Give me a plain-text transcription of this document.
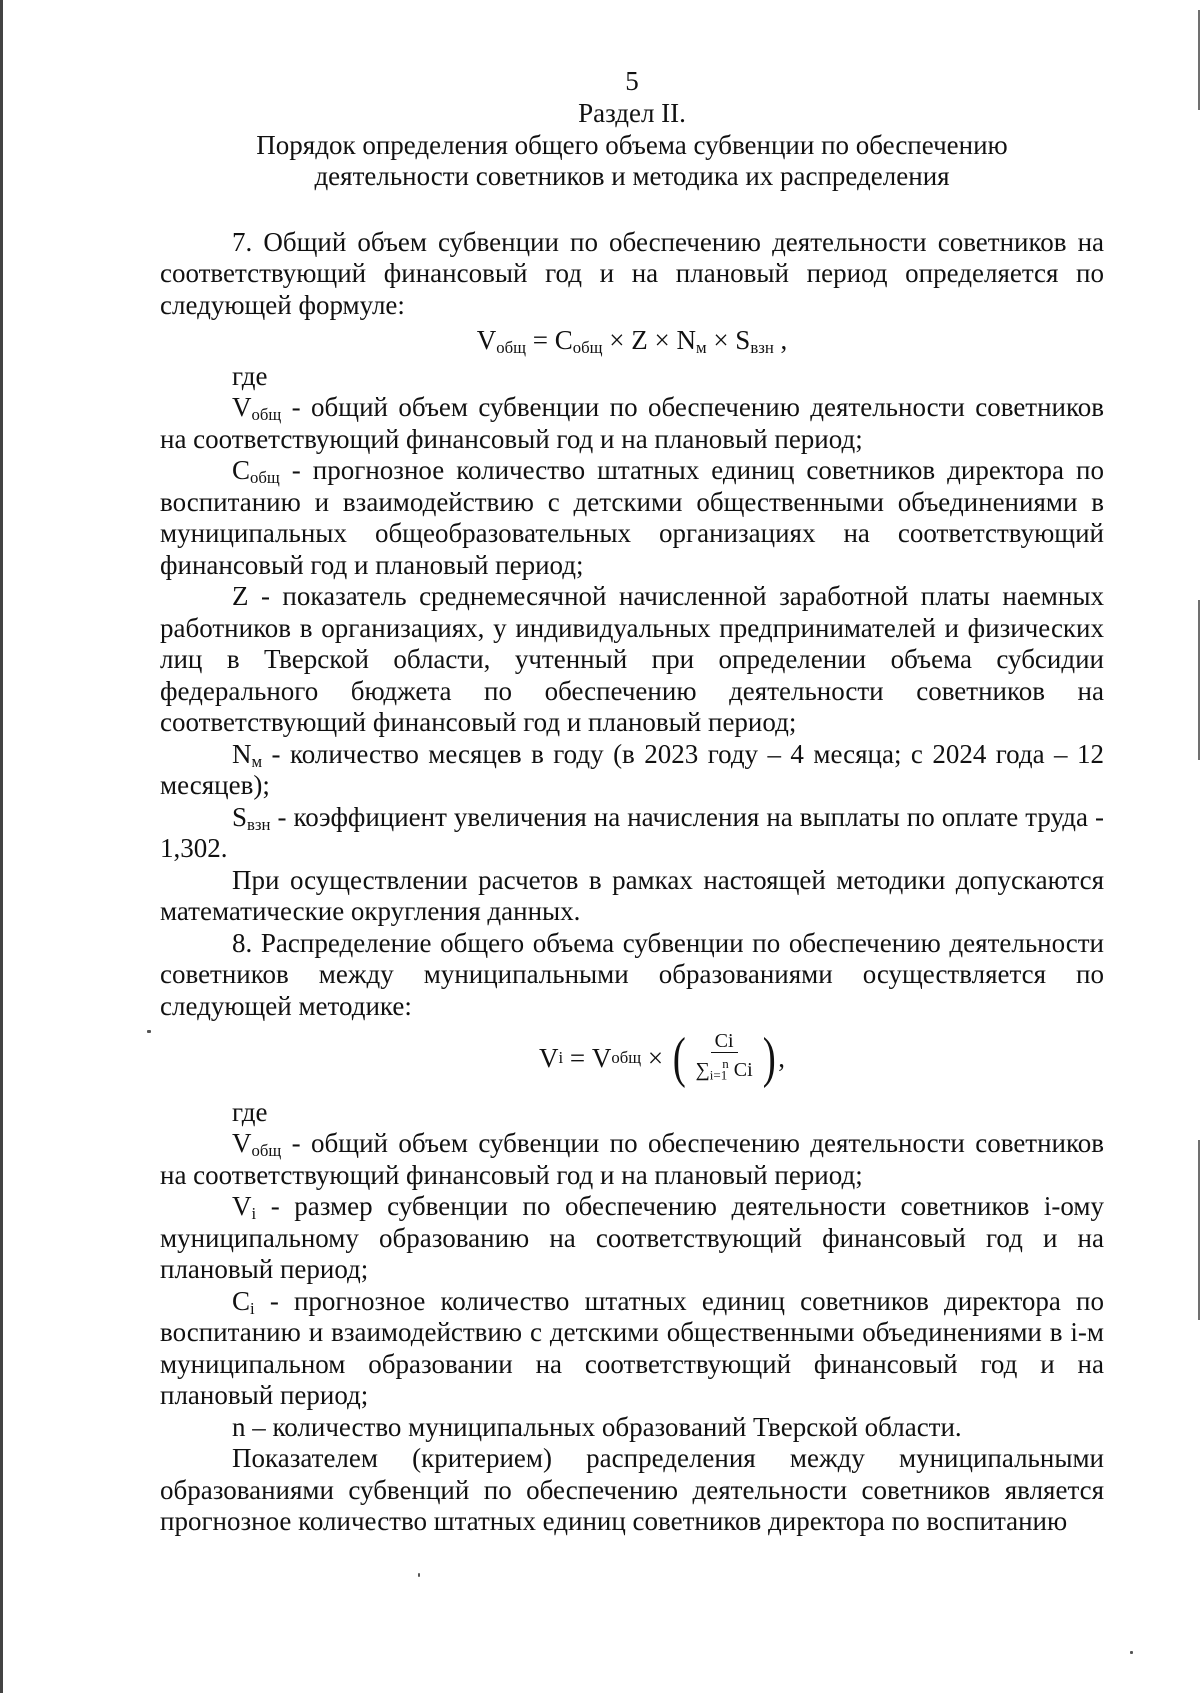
5
Раздел II.
Порядок определения общего объема субвенции по обеспечению
деятельности советников и методика их распределения

7. Общий объем субвенции по обеспечению деятельности советников на соответствующий финансовый год и на плановый период определяется по следующей формуле:

$V_{общ} = C_{общ} \times Z \times N_м \times S_{взн}$ ,

где

$V_{общ}$ - общий объем субвенции по обеспечению деятельности советников на соответствующий финансовый год и на плановый период;

$C_{общ}$ - прогнозное количество штатных единиц советников директора по воспитанию и взаимодействию с детскими общественными объединениями в муниципальных общеобразовательных организациях на соответствующий финансовый год и плановый период;

Z - показатель среднемесячной начисленной заработной платы наемных работников в организациях, у индивидуальных предпринимателей и физических лиц в Тверской области, учтенный при определении объема субсидии федерального бюджета по обеспечению деятельности советников на соответствующий финансовый год и плановый период;

$N_м$ - количество месяцев в году (в 2023 году – 4 месяца; с 2024 года – 12 месяцев);

$S_{взн}$ - коэффициент увеличения на начисления на выплаты по оплате труда - 1,302.

При осуществлении расчетов в рамках настоящей методики допускаются математические округления данных.

8. Распределение общего объема субвенции по обеспечению деятельности советников между муниципальными образованиями осуществляется по следующей методике:

V i = V общ × ( $\frac{Ci}{\sum i=1^n Ci}$ ) ,

где

$V_{общ}$ - общий объем субвенции по обеспечению деятельности советников на соответствующий финансовый год и на плановый период;

$V_i$ - размер субвенции по обеспечению деятельности советников i-ому муниципальному образованию на соответствующий финансовый год и на плановый период;

$C_i$ - прогнозное количество штатных единиц советников директора по воспитанию и взаимодействию с детскими общественными объединениями в i-м муниципальном образовании на соответствующий финансовый год и на плановый период;

n – количество муниципальных образований Тверской области.

Показателем (критерием) распределения между муниципальными образованиями субвенций по обеспечению деятельности советников является прогнозное количество штатных единиц советников директора по воспитанию
